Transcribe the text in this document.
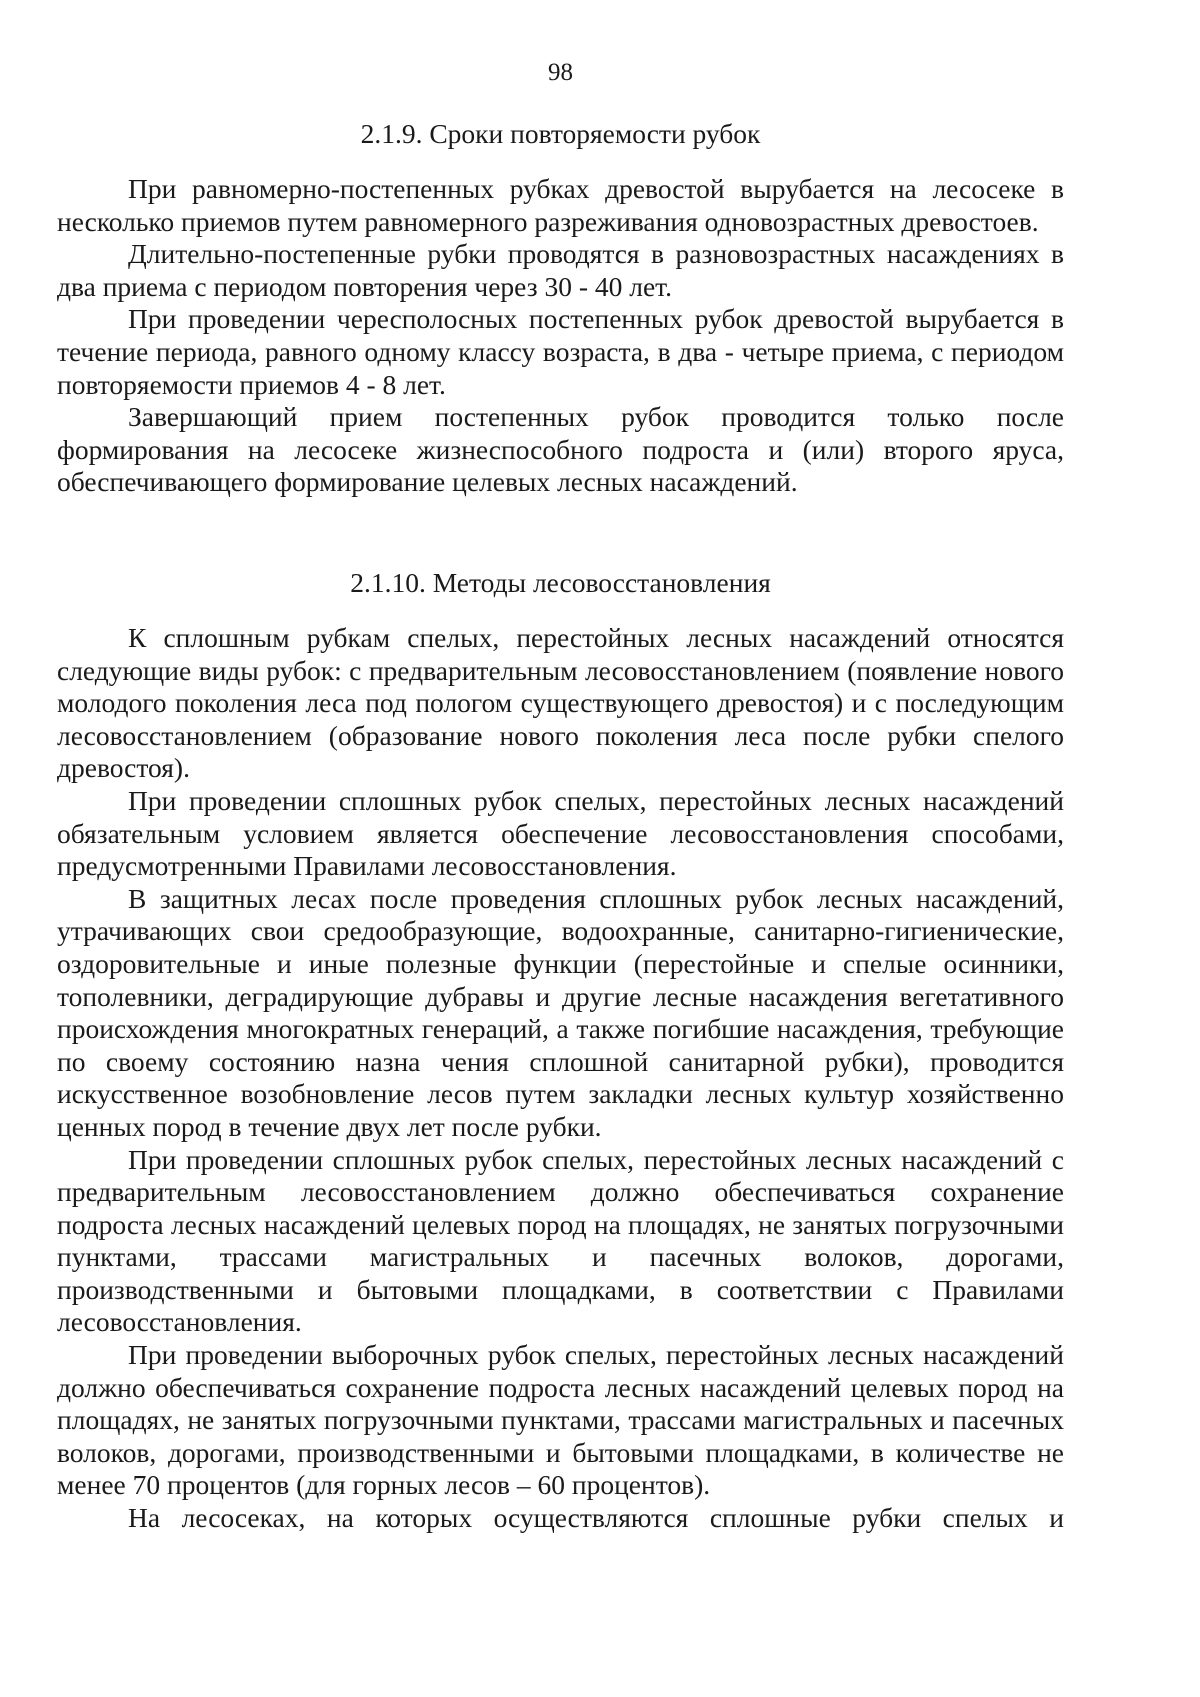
98
2.1.9. Сроки повторяемости рубок

При равномерно-постепенных рубках древостой вырубается на лесосеке в несколько приемов путем равномерного разреживания одновозрастных древостоев.

Длительно-постепенные рубки проводятся в разновозрастных насаждениях в два приема с периодом повторения через 30 - 40 лет.

При проведении чересполосных постепенных рубок древостой вырубается в течение периода, равного одному классу возраста, в два - четыре приема, с периодом повторяемости приемов 4 - 8 лет.

Завершающий прием постепенных рубок проводится только после формирования на лесосеке жизнеспособного подроста и (или) второго яруса, обеспечивающего формирование целевых лесных насаждений.

2.1.10. Методы лесовосстановления

К сплошным рубкам спелых, перестойных лесных насаждений относятся следующие виды рубок: с предварительным лесовосстановлением (появление нового молодого поколения леса под пологом существующего древостоя) и с последующим лесовосстановлением (образование нового поколения леса после рубки спелого древостоя).

При проведении сплошных рубок спелых, перестойных лесных насаждений обязательным условием является обеспечение лесовосстановления способами, предусмотренными Правилами лесовосстановления.

В защитных лесах после проведения сплошных рубок лесных насаждений, утрачивающих свои средообразующие, водоохранные, санитарно-гигиенические, оздоровительные и иные полезные функции (перестойные и спелые осинники, тополевники, деградирующие дубравы и другие лесные насаждения вегетативного происхождения многократных генераций, а также погибшие насаждения, требующие по своему состоянию назна чения сплошной санитарной рубки), проводится искусственное возобновление лесов путем закладки лесных культур хозяйственно ценных пород в течение двух лет после рубки.

При проведении сплошных рубок спелых, перестойных лесных насаждений с предварительным лесовосстановлением должно обеспечиваться сохранение подроста лесных насаждений целевых пород на площадях, не занятых погрузочными пунктами, трассами магистральных и пасечных волоков, дорогами, производственными и бытовыми площадками, в соответствии с Правилами лесовосстановления.

При проведении выборочных рубок спелых, перестойных лесных насаждений должно обеспечиваться сохранение подроста лесных насаждений целевых пород на площадях, не занятых погрузочными пунктами, трассами магистральных и пасечных волоков, дорогами, производственными и бытовыми площадками, в количестве не менее 70 процентов (для горных лесов – 60 процентов).

На лесосеках, на которых осуществляются сплошные рубки спелых и
